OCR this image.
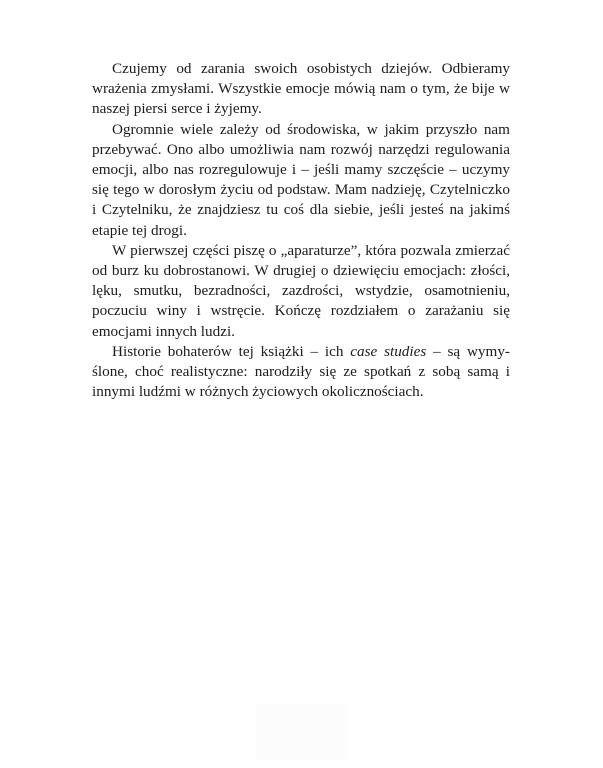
Czujemy od zarania swoich osobistych dziejów. Odbieramy wrażenia zmysłami. Wszystkie emocje mówią nam o tym, że bije w naszej piersi serce i żyjemy.

Ogromnie wiele zależy od środowiska, w jakim przyszło nam przebywać. Ono albo umożliwia nam rozwój narzędzi regulowania emocji, albo nas rozregulowuje i – jeśli mamy szczęście – uczymy się tego w dorosłym życiu od podstaw. Mam nadzieję, Czytelniczko i Czytelniku, że znajdziesz tu coś dla siebie, jeśli jesteś na jakimś etapie tej drogi.

W pierwszej części piszę o „aparaturze”, która pozwala zmierzać od burz ku dobrostanowi. W drugiej o dziewięciu emocjach: złości, lęku, smutku, bezradności, zazdrości, wstydzie, osamotnieniu, poczuciu winy i wstręcie. Kończę rozdziałem o zarażaniu się emocjami innych ludzi.

Historie bohaterów tej książki – ich case studies – są wymyślone, choć realistyczne: narodziły się ze spotkań z sobą samą i innymi ludźmi w różnych życiowych okolicznościach.
